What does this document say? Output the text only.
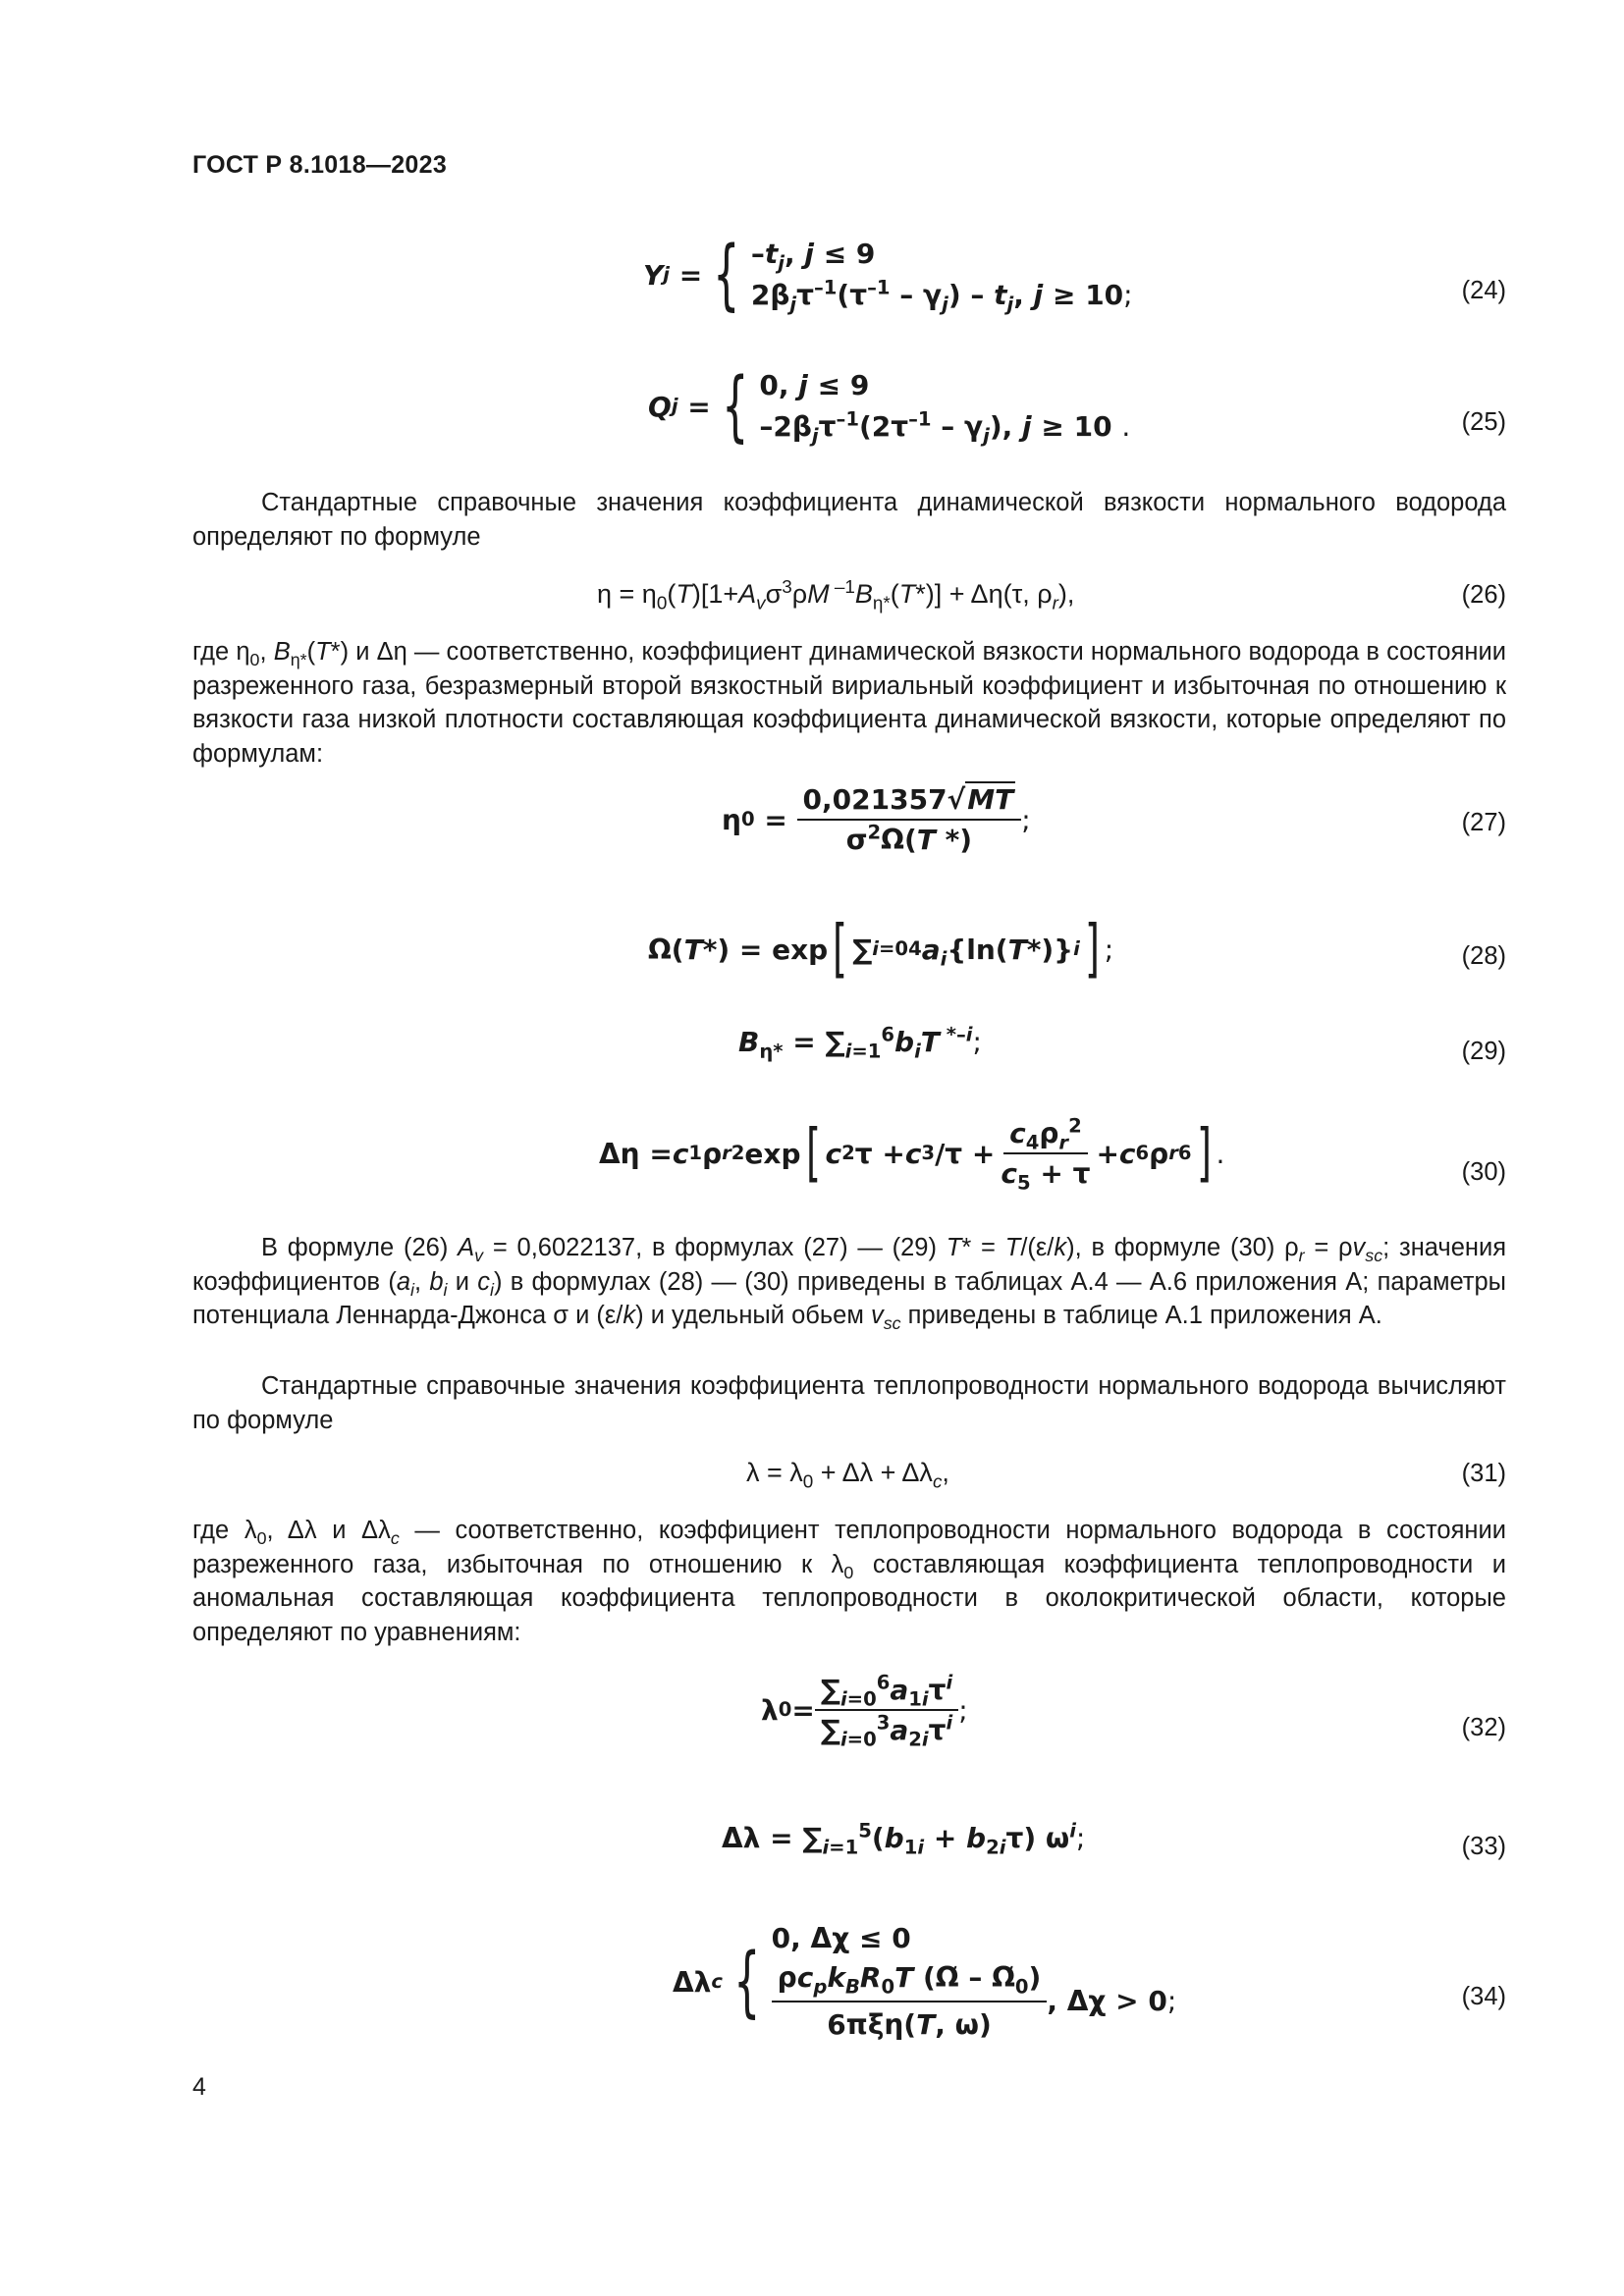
ГОСТ Р 8.1018—2023
Y j = { $-t_j$, j ≤ 9
$2\beta_j\tau^{-1}(\tau^{-1} - \gamma_j) - t_j$, j ≥ 10;	(24)
Q j = { 0, j ≤ 9
$-2\beta_j\tau^{-1}(2\tau^{-1} - \gamma_j)$, j ≥ 10 .	(25)

Стандартные справочные значения коэффициента динамической вязкости нормального водорода определяют по формуле

$\eta = \eta_0(T)[1+A_v\sigma^3\rho M$ $^{-1}B_{\eta*}(T*)] + \Delta\eta(\tau$, $\rho_r$),	(26)

где $\eta_0$, $B_{\eta*}(T*)$ и Δη — соответственно, коэффициент динамической вязкости нормального водорода в состоянии разреженного газа, безразмерный второй вязкостный вириальный коэффициент и избыточная по отношению к вязкости газа низкой плотности составляющая коэффициента динамической вязкости, которые определяют по формулам:

η $0 = \frac{0,021357√MT}{\sigma^2\Omega(T *)}$ ;	(27)
Ω( T *) = exp [ ∑ i=0 4 $a_i$ {ln( T *)} i ] ;	(28)
$B_{\eta*} = \sum_{i=1}^6b_iT$ $^{*-i}$;	(29)
Δη = c 1 ρ r 2 exp [ c 2 τ + c 3 $/\tau + \frac{c_4\rho_r^2}{c_5 + \tau} + c$ 6 ρ r 6 ] .
(30)

В формуле (26) $A_v = 0,6022137$, в формулах (27) — (29) T* = T/(ε/k), в формуле (30) $\rho_r = \rho v_{sc}$; значения коэффициентов ($a_i$, $b_i$ и $c_i$) в формулах (28) — (30) приведены в таблицах А.4 — А.6 приложения А; параметры потенциала Леннарда-Джонса σ и (ε/k) и удельный обьем $v_{sc}$ приведены в таблице А.1 приложения А.

Стандартные справочные значения коэффициента теплопроводности нормального водорода вычисляют по формуле

$\lambda = \lambda_0 + \Delta\lambda + \Delta\lambda_c$,	(31)

где $\lambda_0$, Δλ и $\Delta\lambda_c$ — соответственно, коэффициент теплопроводности нормального водорода в состоянии разреженного газа, избыточная по отношению к $\lambda_0$ составляющая коэффициента теплопроводности и аномальная составляющая коэффициента теплопроводности в околокритической области, которые определяют по уравнениям:

λ $0 = \frac{\sum_{i=0}^6a_{1i}\tau^i}{\sum_{i=0}^3a_{2i}\tau^i}$ ;
(32)
$\Delta\lambda = \sum_{i=1}^5(b_{1i} + b_{2i}\tau)$ $\omega^i$;	(33)
Δλ c { 0, Δχ ≤ 0
$\frac{\rho c_pk_BR_0T (\Omegã - \Omegã_0)}{\text{6πξη(T, ω)}}$ , Δχ > 0 ;	(34)
4
